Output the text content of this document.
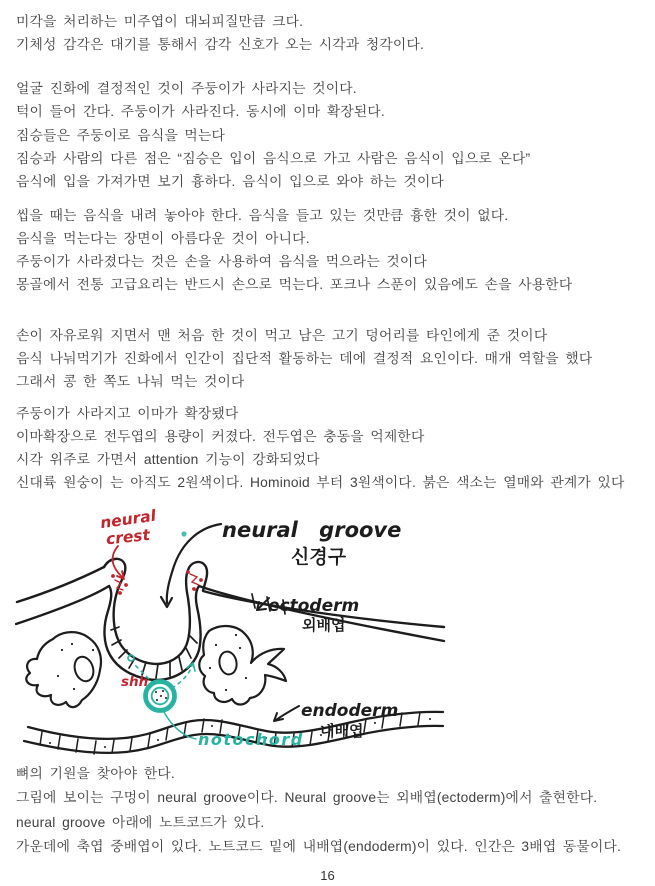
미각을 처리하는 미주엽이 대뇌피질만큼 크다.
기체성 감각은 대기를 통해서 감각 신호가 오는 시각과 청각이다.
얼굴 진화에 결정적인 것이 주둥이가 사라지는 것이다.
턱이 들어 간다. 주둥이가 사라진다. 동시에 이마 확장된다.
짐승들은 주둥이로 음식을 먹는다
짐승과 사람의 다른 점은 “짐승은 입이 음식으로 가고 사람은 음식이 입으로 온다”
음식에 입을 가져가면 보기 흉하다. 음식이 입으로 와야 하는 것이다
씹을 때는 음식을 내려 놓아야 한다. 음식을 들고 있는 것만큼 흉한 것이 없다.
음식을 먹는다는 장면이 아름다운 것이 아니다.
주둥이가 사라졌다는 것은 손을 사용하여 음식을 먹으라는 것이다
몽골에서 전통 고급요리는 반드시 손으로 먹는다. 포크나 스푼이 있음에도 손을 사용한다
손이 자유로워 지면서 맨 처음 한 것이 먹고 남은 고기 덩어리를 타인에게 준 것이다
음식 나눠먹기가 진화에서 인간이 집단적 활동하는 데에 결정적 요인이다. 매개 역할을 했다
그래서 콩 한 쪽도 나눠 먹는 것이다
주둥이가 사라지고 이마가 확장됐다
이마확장으로 전두엽의 용량이 커졌다. 전두엽은 충동을 억제한다
시각 위주로 가면서 attention 기능이 강화되었다
신대륙 원숭이 는 아직도 2원색이다. Hominoid 부터 3원색이다. 붉은 색소는 열매와 관계가 있다
neural
crest	neural groove
신경구
ectoderm
외배엽
endoderm
내배엽
shh
notochord
뼈의 기원을 찾아야 한다.
그림에 보이는 구멍이 neural groove이다. Neural groove는 외배엽(ectoderm)에서 출현한다.
neural groove 아래에 노트코드가 있다.
가운데에 축엽 중배엽이 있다. 노트코드 밑에 내배엽(endoderm)이 있다. 인간은 3배엽 동물이다.
16
